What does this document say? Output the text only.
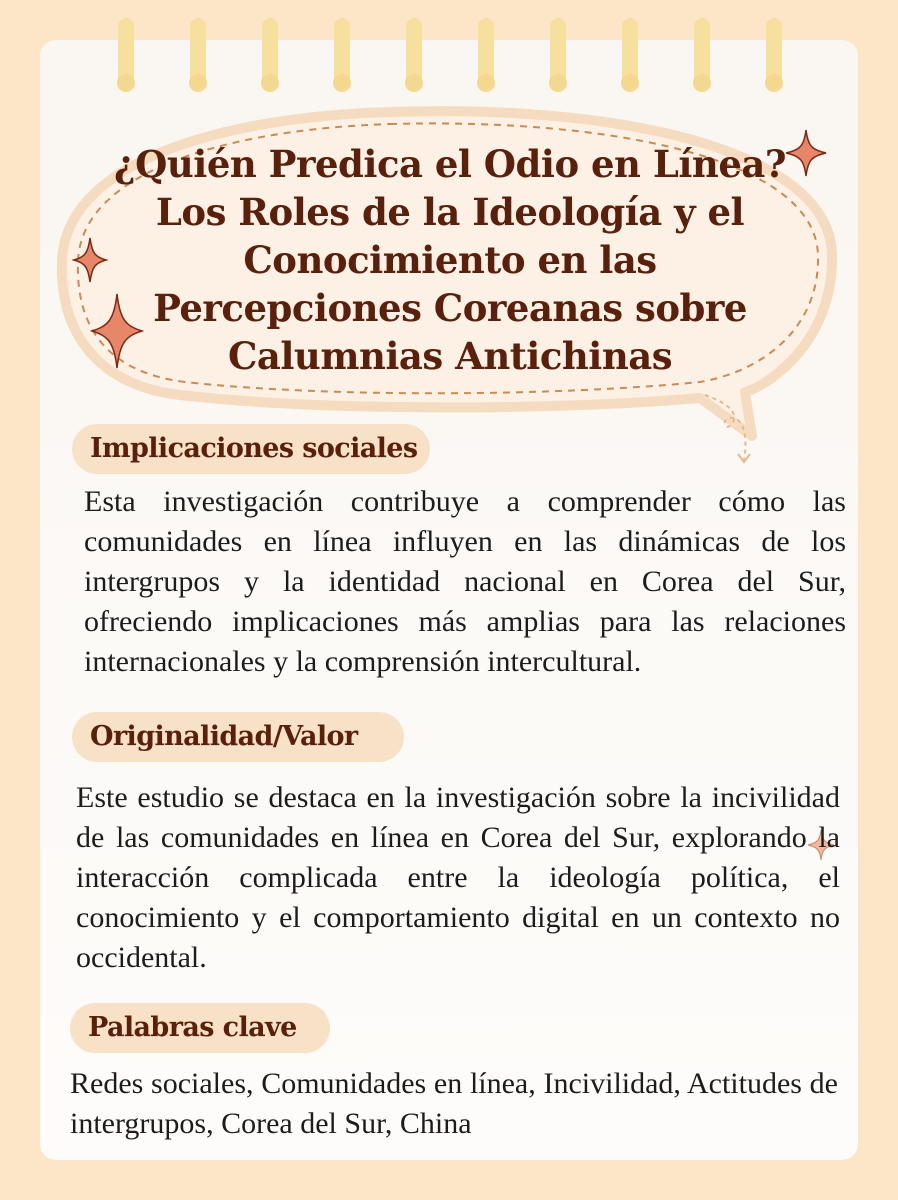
¿Quién Predica el Odio en Línea? Los Roles de la Ideología y el Conocimiento en las Percepciones Coreanas sobre Calumnias Antichinas
Implicaciones sociales

Esta investigación contribuye a comprender cómo las comunidades en línea influyen en las dinámicas de los intergrupos y la identidad nacional en Corea del Sur, ofreciendo implicaciones más amplias para las relaciones internacionales y la comprensión intercultural.

Originalidad/Valor

Este estudio se destaca en la investigación sobre la incivilidad de las comunidades en línea en Corea del Sur, explorando la interacción complicada entre la ideología política, el conocimiento y el comportamiento digital en un contexto no occidental.

Palabras clave

Redes sociales, Comunidades en línea, Incivilidad, Actitudes de intergrupos, Corea del Sur, China
